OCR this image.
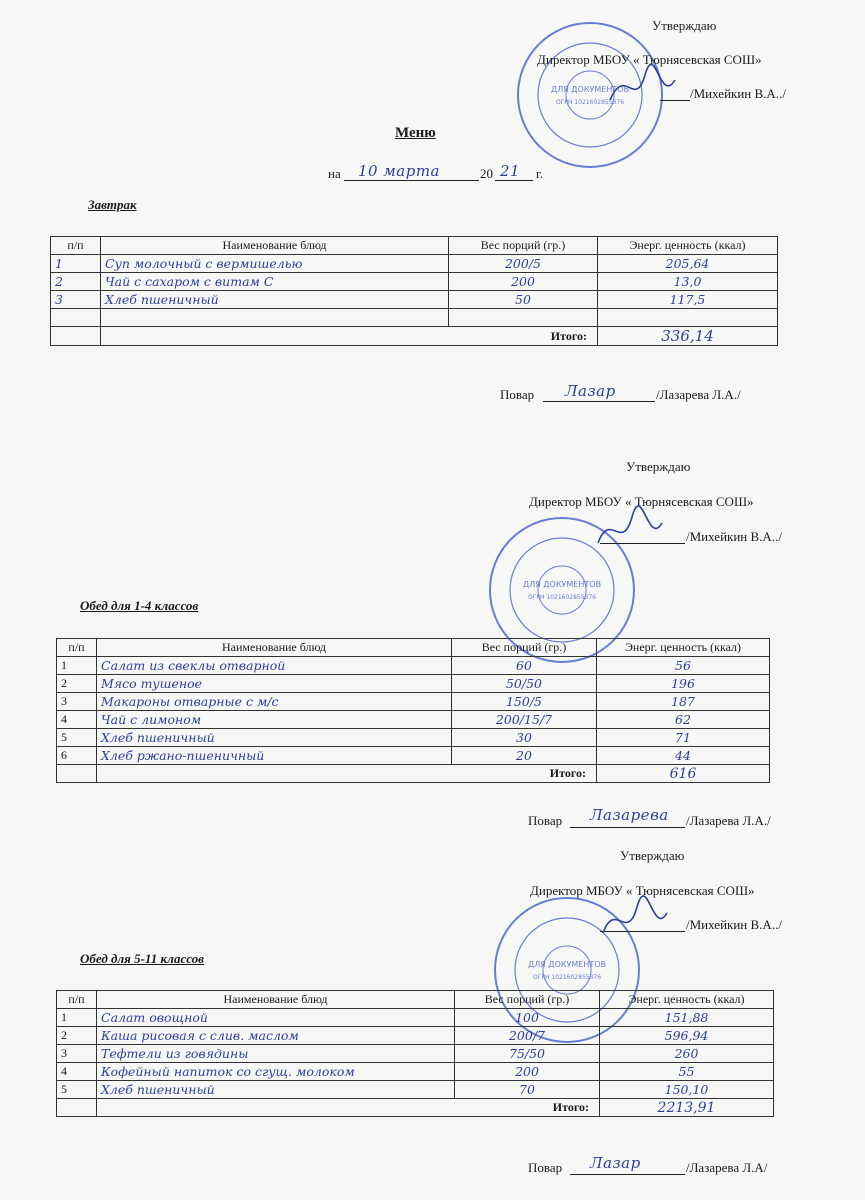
ДЛЯ ДОКУМЕНТОВ
ОГРН 1021602855376
ДЛЯ ДОКУМЕНТОВ
ОГРН 1021602855376
ДЛЯ ДОКУМЕНТОВ
ОГРН 1021602855376
Утверждаю
Директор МБОУ « Тюрнясевская СОШ»
/Михейкин В.А../
Меню
на 10 марта	20 21 г.
Завтрак
п/п	Наименование блюд	Вес порций (гр.)	Энерг. ценность (ккал)
1	Суп молочный с вермишелью	200/5	205,64
2	Чай с сахаром с витам С	200	13,0
3	Хлеб пшеничный	50	117,5

	Итого:		336,14
Повар Лазар	/Лазарева Л.А./
Утверждаю
Директор МБОУ « Тюрнясевская СОШ»
/Михейкин В.А../
Обед для 1-4 классов
п/п	Наименование блюд	Вес порций (гр.)	Энерг. ценность (ккал)
1	Салат из свеклы отварной	60	56
2	Мясо тушеное	50/50	196
3	Макароны отварные с м/с	150/5	187
4	Чай с лимоном	200/15/7	62
5	Хлеб пшеничный	30	71
6	Хлеб ржано-пшеничный	20	44
	Итого:		616
Повар Лазарева /Лазарева Л.А./
Утверждаю
Директор МБОУ « Тюрнясевская СОШ»
/Михейкин В.А../
Обед для 5-11 классов
п/п	Наименование блюд	Вес порций (гр.)	Энерг. ценность (ккал)
1	Салат овощной	100	151,88
2	Каша рисовая с слив. маслом	200/7	596,94
3	Тефтели из говядины	75/50	260
4	Кофейный напиток со сгущ. молоком	200	55
5	Хлеб пшеничный	70	150,10
	Итого:		2213,91
Повар Лазар	/Лазарева Л.А/
